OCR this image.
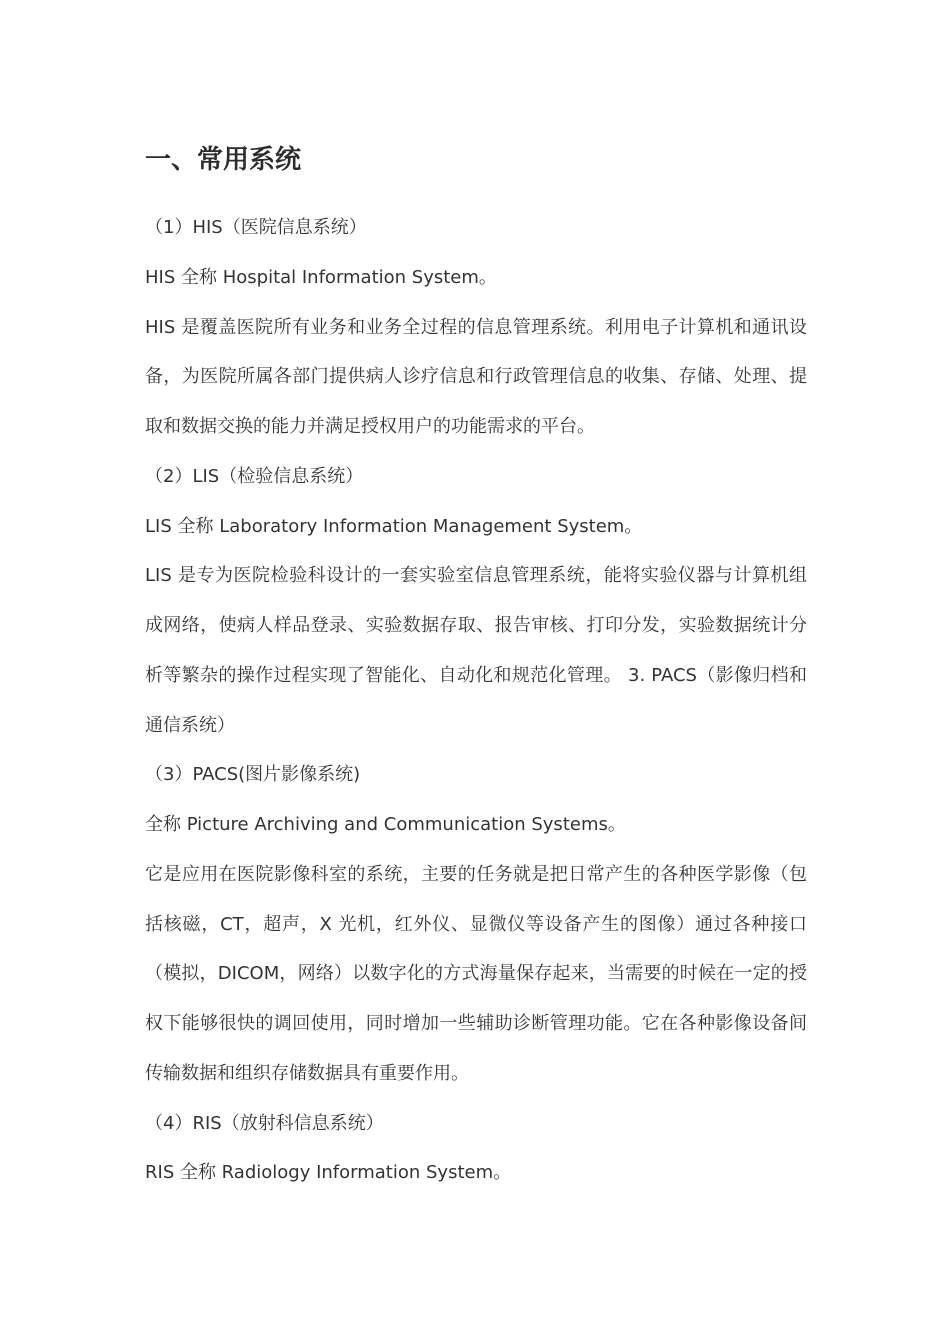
一、常用系统

（1）HIS（医院信息系统）

HIS 全称 Hospital Information System。

HIS 是覆盖医院所有业务和业务全过程的信息管理系统。利用电子计算机和通讯设备，为医院所属各部门提供病人诊疗信息和行政管理信息的收集、存储、处理、提取和数据交换的能力并满足授权用户的功能需求的平台。

（2）LIS（检验信息系统）

LIS 全称 Laboratory Information Management System。

LIS 是专为医院检验科设计的一套实验室信息管理系统，能将实验仪器与计算机组成网络，使病人样品登录、实验数据存取、报告审核、打印分发，实验数据统计分析等繁杂的操作过程实现了智能化、自动化和规范化管理。 3. PACS（影像归档和通信系统）

（3）PACS(图片影像系统)

全称 Picture Archiving and Communication Systems。

它是应用在医院影像科室的系统，主要的任务就是把日常产生的各种医学影像（包括核磁，CT，超声，X 光机，红外仪、显微仪等设备产生的图像）通过各种接口（模拟，DICOM，网络）以数字化的方式海量保存起来，当需要的时候在一定的授权下能够很快的调回使用，同时增加一些辅助诊断管理功能。它在各种影像设备间传输数据和组织存储数据具有重要作用。

（4）RIS（放射科信息系统）

RIS 全称 Radiology Information System。
